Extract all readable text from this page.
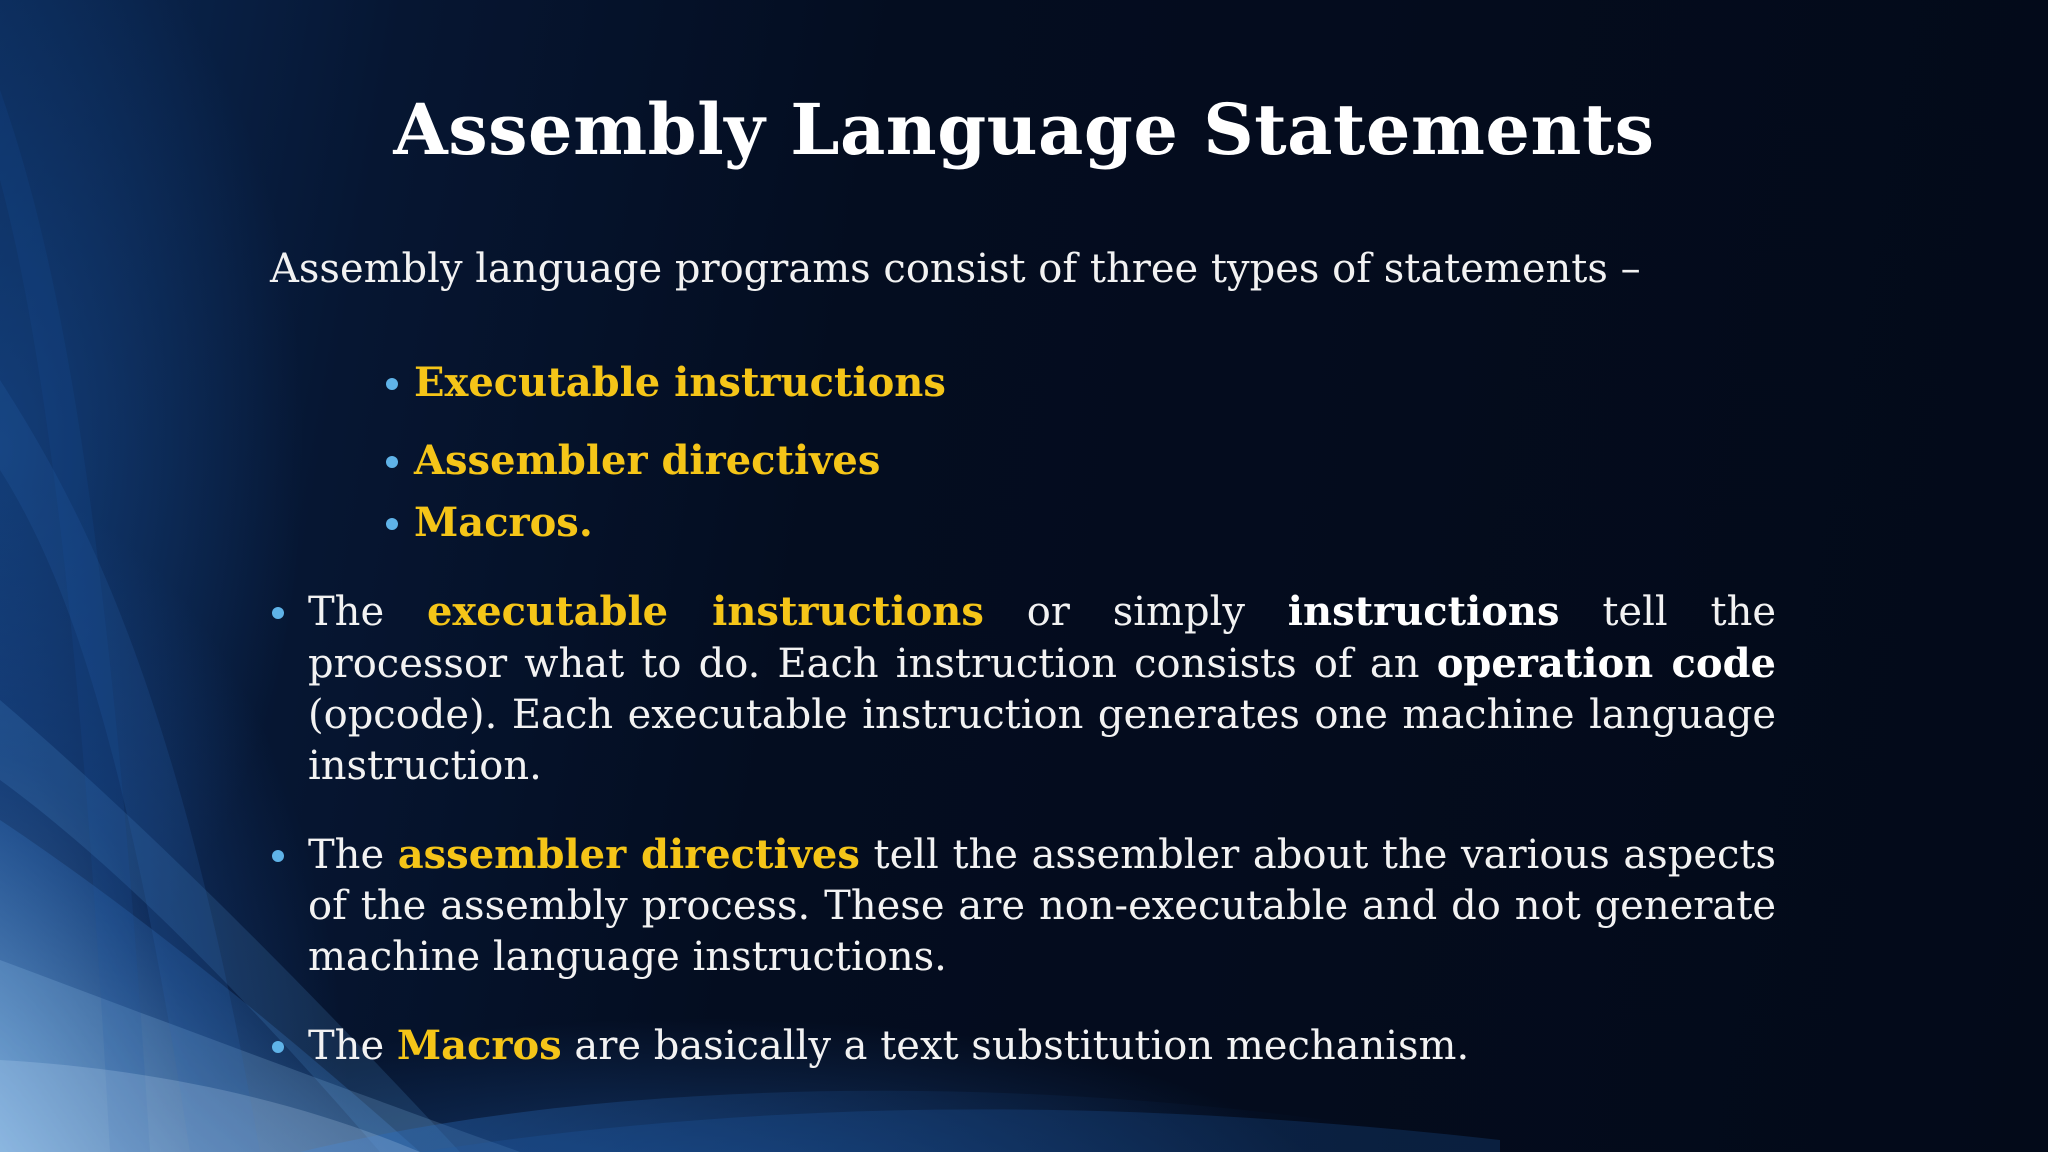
Assembly Language Statements
Assembly language programs consist of three types of statements –
Executable instructions
Assembler directives
Macros.
The executable instructions or simply instructions tell the processor what to do. Each instruction consists of an operation code (opcode). Each executable instruction generates one machine language instruction.
The assembler directives tell the assembler about the various aspects of the assembly process. These are non-executable and do not generate machine language instructions.
The Macros are basically a text substitution mechanism.
